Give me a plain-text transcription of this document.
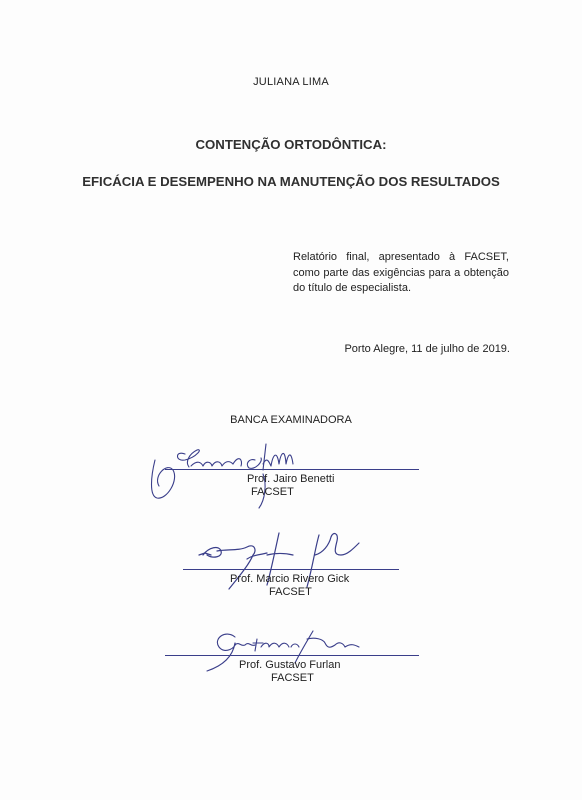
JULIANA LIMA
CONTENÇÃO ORTODÔNTICA:
EFICÁCIA E DESEMPENHO NA MANUTENÇÃO DOS RESULTADOS
Relatório final, apresentado à FACSET, como parte das exigências para a obtenção do título de especialista.
Porto Alegre, 11 de julho de 2019.
BANCA EXAMINADORA
Prof. Jairo Benetti
FACSET
Prof. Marcio Rivero Gick
FACSET
Prof. Gustavo Furlan
FACSET
